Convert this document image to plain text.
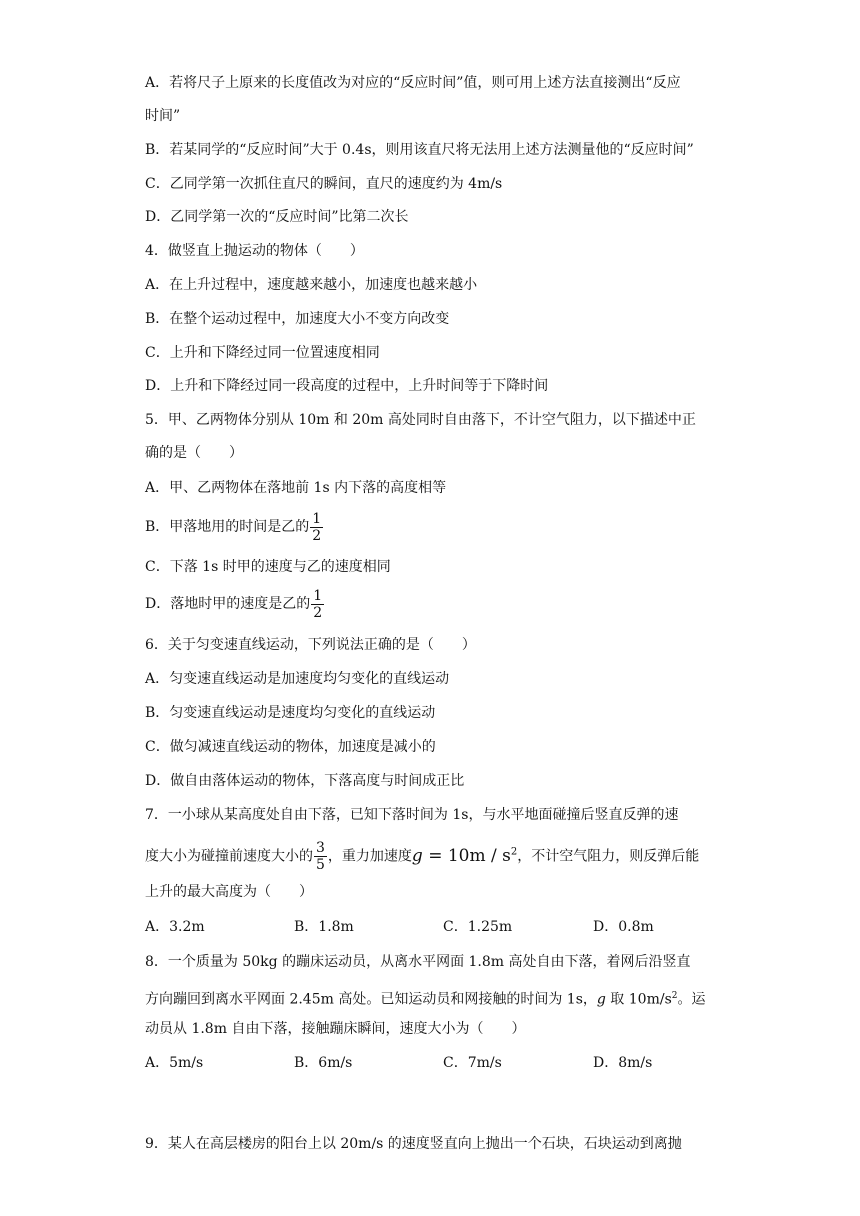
A．若将尺子上原来的长度值改为对应的“反应时间”值，则可用上述方法直接测出“反应
时间”
B．若某同学的“反应时间”大于 0.4s，则用该直尺将无法用上述方法测量他的“反应时间”
C．乙同学第一次抓住直尺的瞬间，直尺的速度约为 4m/s
D．乙同学第一次的“反应时间”比第二次长
4．做竖直上抛运动的物体（　　）
A．在上升过程中，速度越来越小，加速度也越来越小
B．在整个运动过程中，加速度大小不变方向改变
C．上升和下降经过同一位置速度相同
D．上升和下降经过同一段高度的过程中，上升时间等于下降时间
5．甲、乙两物体分别从 10m 和 20m 高处同时自由落下，不计空气阻力，以下描述中正
确的是（　　）
A．甲、乙两物体在落地前 1s 内下落的高度相等
B．甲落地用的时间是乙的 $\frac{1}{2}$
C．下落 1s 时甲的速度与乙的速度相同
D．落地时甲的速度是乙的 $\frac{1}{2}$
6．关于匀变速直线运动，下列说法正确的是（　　）
A．匀变速直线运动是加速度均匀变化的直线运动
B．匀变速直线运动是速度均匀变化的直线运动
C．做匀减速直线运动的物体，加速度是减小的
D．做自由落体运动的物体，下落高度与时间成正比
7．一小球从某高度处自由下落，已知下落时间为 1s，与水平地面碰撞后竖直反弹的速
度大小为碰撞前速度大小的 $\frac{3}{5}$ ，重力加速度$g = 10m / s^2$，不计空气阻力，则反弹后能
上升的最大高度为（　　）
A．3.2m	B．1.8m	C．1.25m	D．0.8m
8．一个质量为 50kg 的蹦床运动员，从离水平网面 1.8m 高处自由下落，着网后沿竖直
方向蹦回到离水平网面 2.45m 高处。已知运动员和网接触的时间为 1s，g 取 $10m/s^2$。运
动员从 1.8m 自由下落，接触蹦床瞬间，速度大小为（　　）
A．5m/s	B．6m/s	C．7m/s	D．8m/s
9．某人在高层楼房的阳台上以 20m/s 的速度竖直向上抛出一个石块，石块运动到离抛
